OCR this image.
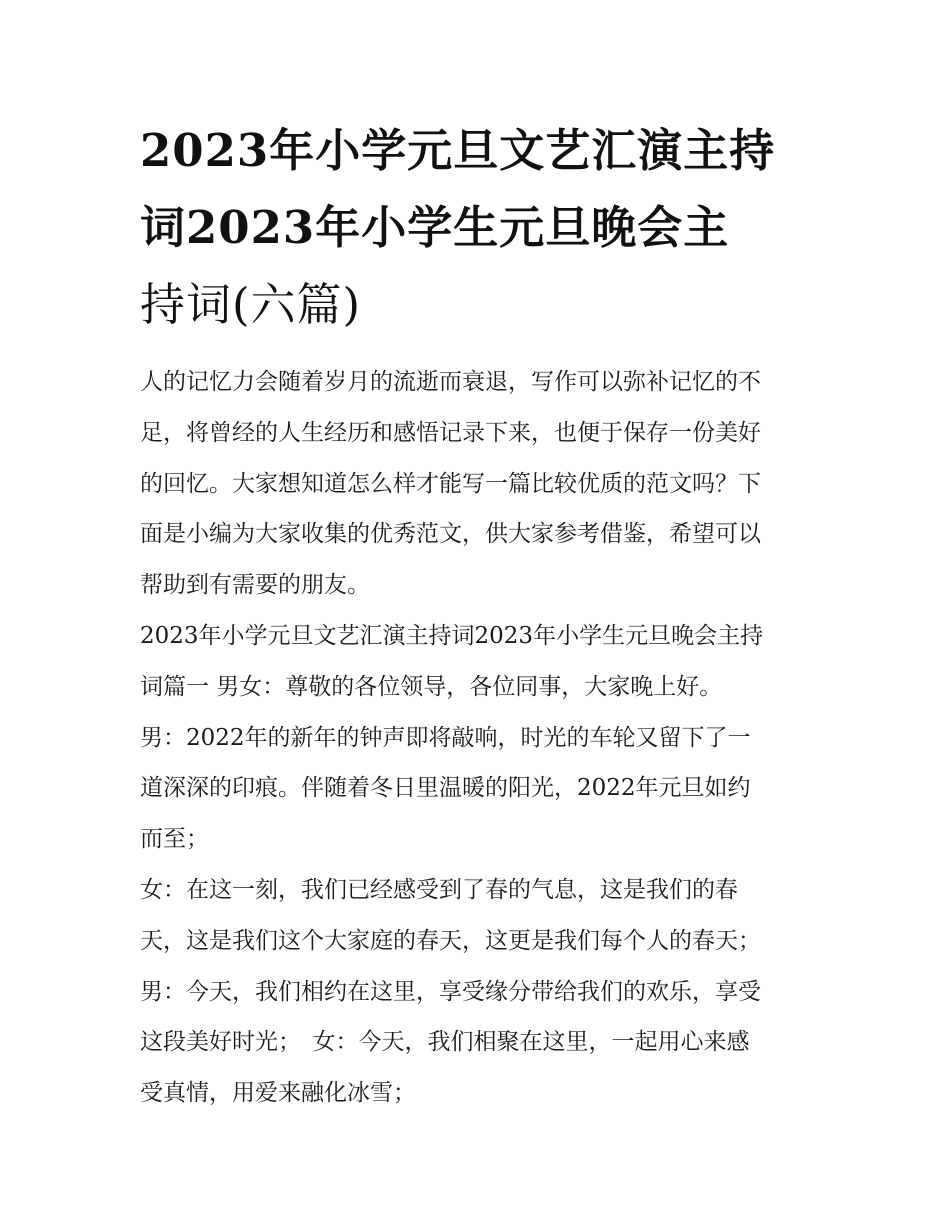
2023年小学元旦文艺汇演主持
词2023年小学生元旦晚会主
持词(六篇)

人的记忆力会随着岁月的流逝而衰退，写作可以弥补记忆的不
足，将曾经的人生经历和感悟记录下来，也便于保存一份美好
的回忆。大家想知道怎么样才能写一篇比较优质的范文吗？下
面是小编为大家收集的优秀范文，供大家参考借鉴，希望可以
帮助到有需要的朋友。

2023年小学元旦文艺汇演主持词2023年小学生元旦晚会主持
词篇一 男女：尊敬的各位领导，各位同事，大家晚上好。

男：2022年的新年的钟声即将敲响，时光的车轮又留下了一
道深深的印痕。伴随着冬日里温暖的阳光，2022年元旦如约
而至；

女：在这一刻，我们已经感受到了春的气息，这是我们的春
天，这是我们这个大家庭的春天，这更是我们每个人的春天；

男：今天，我们相约在这里，享受缘分带给我们的欢乐，享受
这段美好时光；　女：今天，我们相聚在这里，一起用心来感
受真情，用爱来融化冰雪；
